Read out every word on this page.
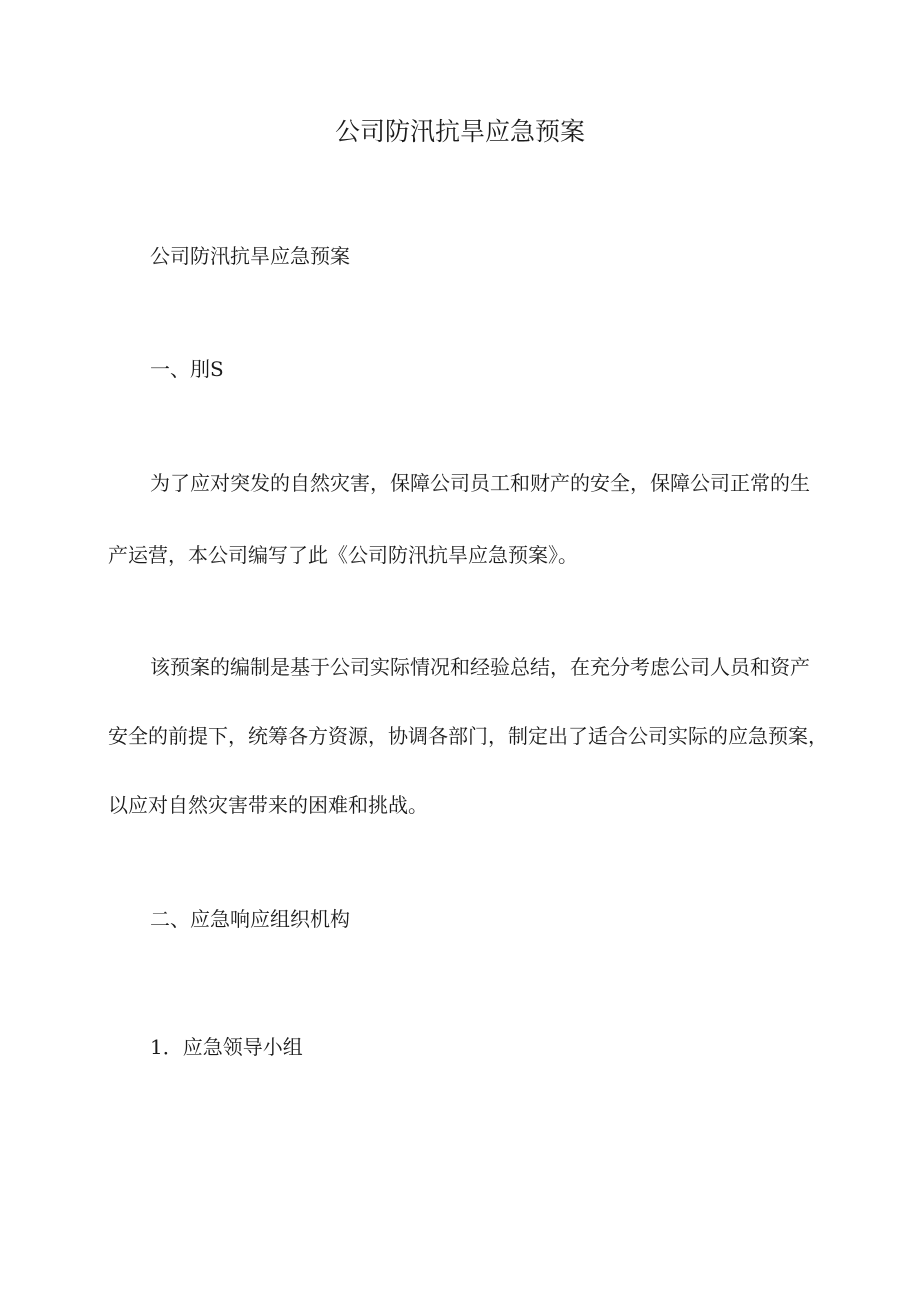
公司防汛抗旱应急预案

公司防汛抗旱应急预案

一、刖S

为了应对突发的自然灾害，保障公司员工和财产的安全，保障公司正常的生

产运营，本公司编写了此《公司防汛抗旱应急预案》。

该预案的编制是基于公司实际情况和经验总结，在充分考虑公司人员和资产

安全的前提下，统筹各方资源，协调各部门，制定出了适合公司实际的应急预案，

以应对自然灾害带来的困难和挑战。

二、应急响应组织机构

1．应急领导小组
